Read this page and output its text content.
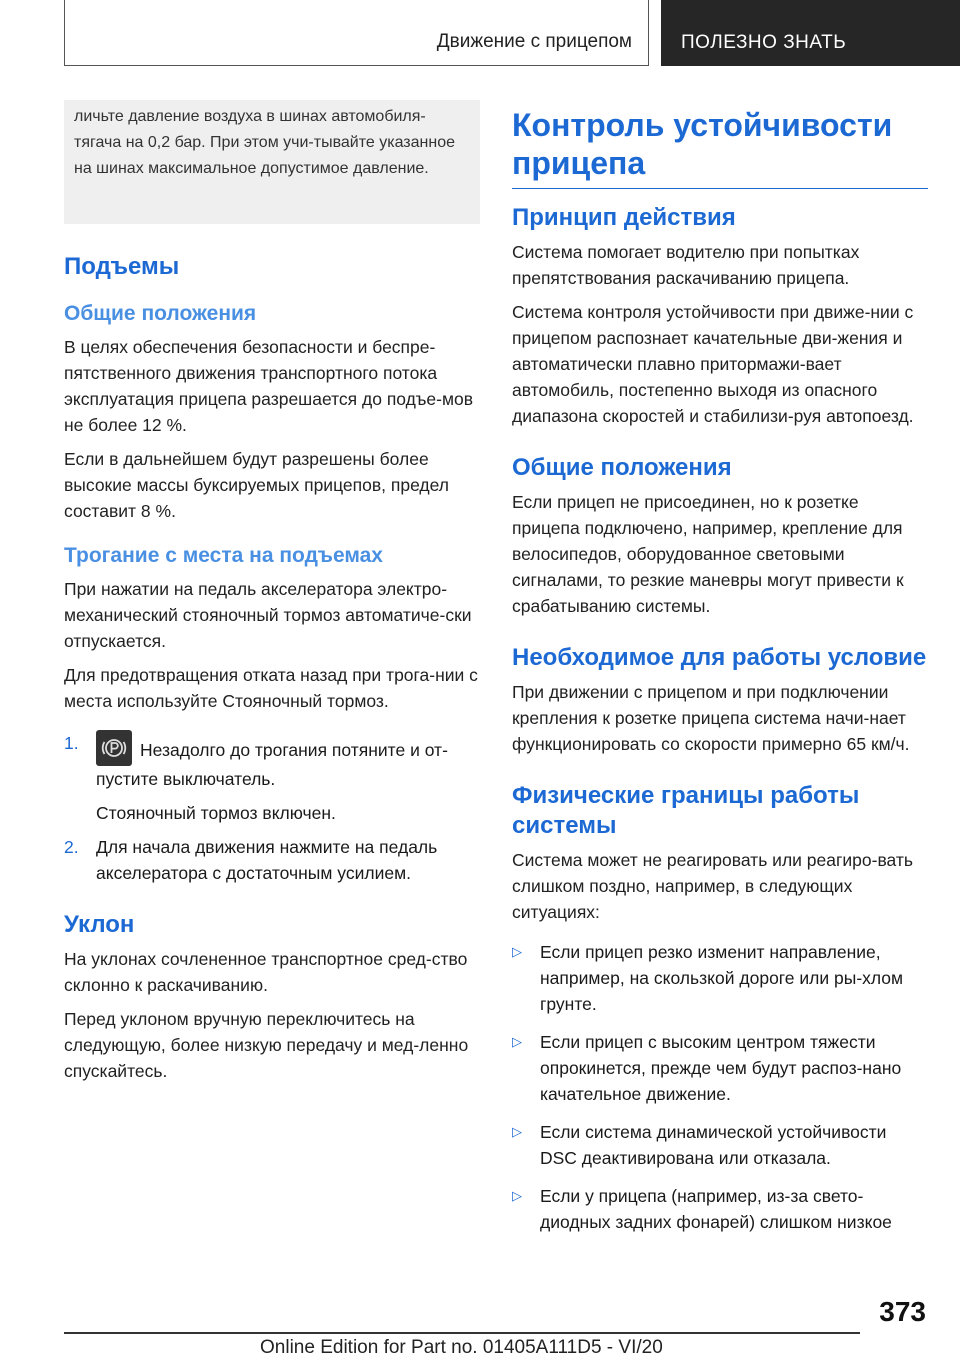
Движение с прицепом	ПОЛЕЗНО ЗНАТЬ
личьте давление воздуха в шинах автомобиля-тягача на 0,2 бар. При этом учи-тывайте указанное на шинах максимальное допустимое давление.
Подъемы
Общие положения

В целях обеспечения безопасности и беспре-пятственного движения транспортного потока эксплуатация прицепа разрешается до подъе-мов не более 12 %.

Если в дальнейшем будут разрешены более высокие массы буксируемых прицепов, предел составит 8 %.

Трогание с места на подъемах

При нажатии на педаль акселератора электро-механический стояночный тормоз автоматиче-ски отпускается.

Для предотвращения отката назад при трога-нии с места используйте Стояночный тормоз.

1.	Незадолго до трогания потяните и от-пустите выключатель.
Стояночный тормоз включен.
2. Для начала движения нажмите на педаль акселератора с достаточным усилием.
Уклон

На уклонах сочлененное транспортное сред-ство склонно к раскачиванию.

Перед уклоном вручную переключитесь на следующую, более низкую передачу и мед-ленно спускайтесь.

Контроль устойчивости прицепа
Принцип действия

Система помогает водителю при попытках препятствования раскачиванию прицепа.

Система контроля устойчивости при движе-нии с прицепом распознает качательные дви-жения и автоматически плавно притормажи-вает автомобиль, постепенно выходя из опасного диапазона скоростей и стабилизи-руя автопоезд.

Общие положения

Если прицеп не присоединен, но к розетке прицепа подключено, например, крепление для велосипедов, оборудованное световыми сигналами, то резкие маневры могут привести к срабатыванию системы.

Необходимое для работы условие

При движении с прицепом и при подключении крепления к розетке прицепа система начи-нает функционировать со скорости примерно 65 км/ч.

Физические границы работы системы

Система может не реагировать или реагиро-вать слишком поздно, например, в следующих ситуациях:

▷	Если прицеп резко изменит направление, например, на скользкой дороге или ры-хлом грунте.
▷	Если прицеп с высоким центром тяжести опрокинется, прежде чем будут распоз-нано качательное движение.
▷	Если система динамической устойчивости DSC деактивирована или отказала.
▷	Если у прицепа (например, из-за свето-диодных задних фонарей) слишком низкое
373
Online Edition for Part no. 01405A111D5 - VI/20
